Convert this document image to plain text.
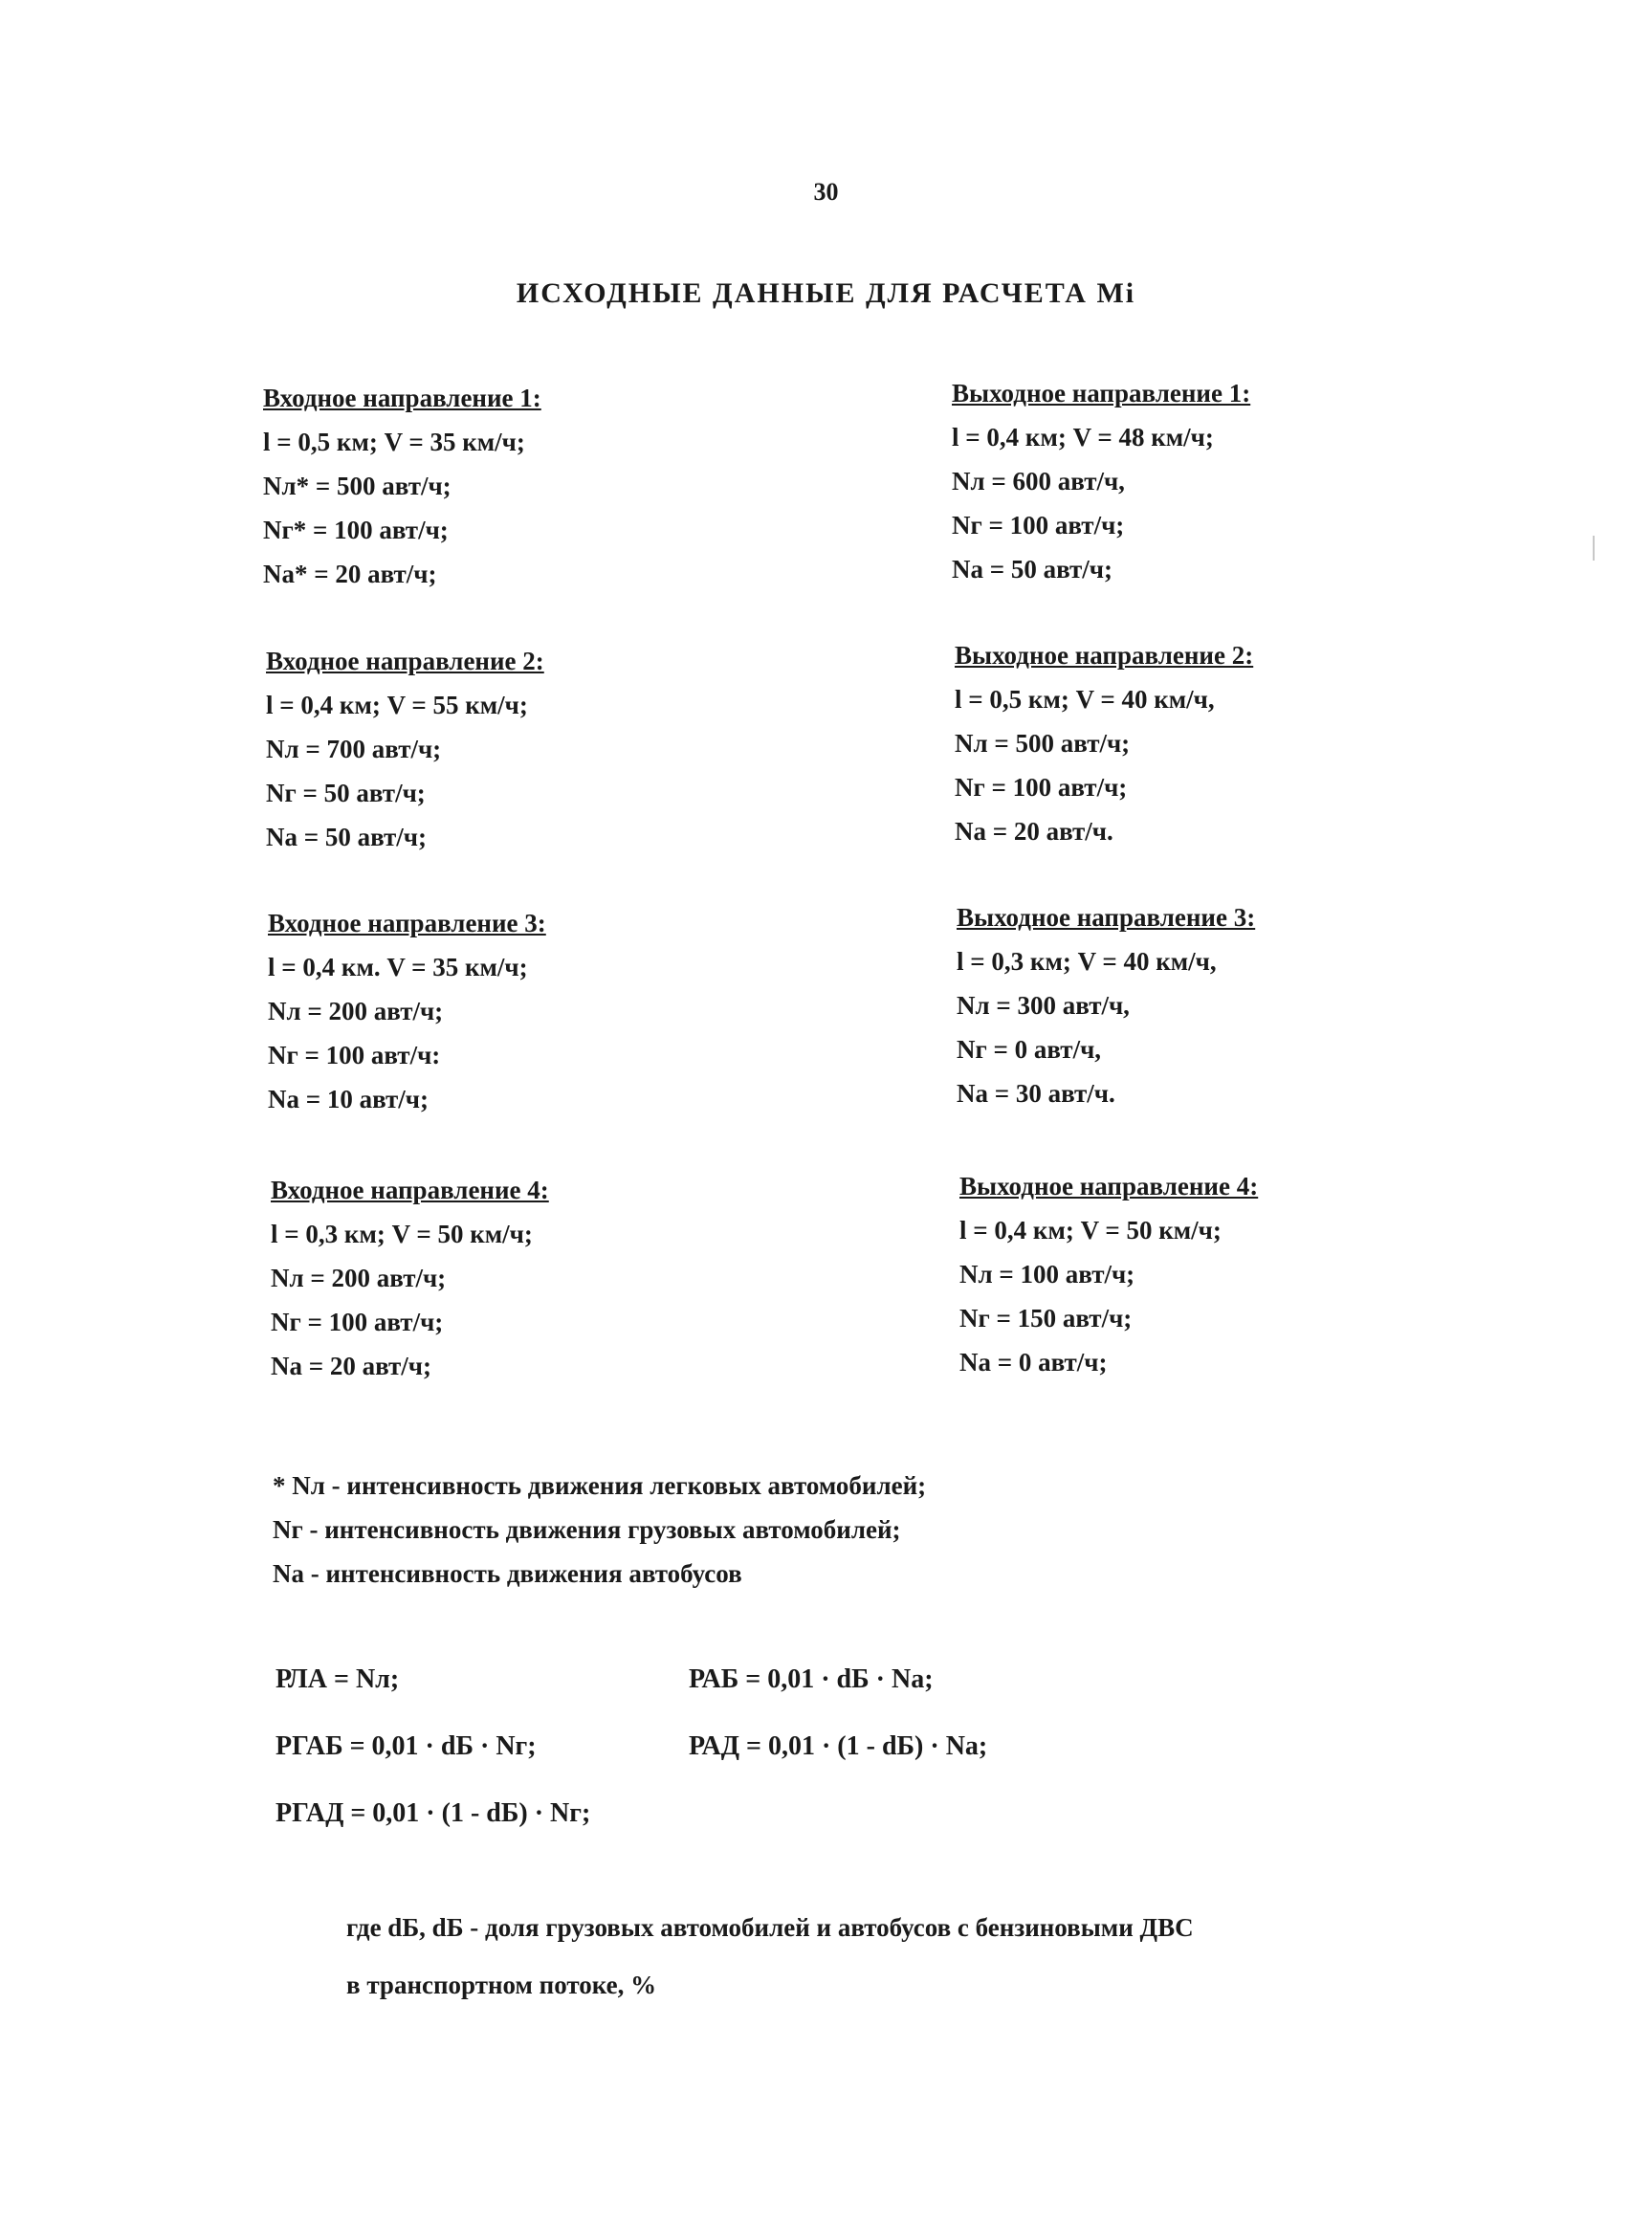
30
ИСХОДНЫЕ ДАННЫЕ ДЛЯ РАСЧЕТА Mi
Входное направление 1:
l = 0,5 км; V = 35 км/ч;
Nл* = 500 авт/ч;
Nг* = 100 авт/ч;
Nа* = 20 авт/ч;
Входное направление 2:
l = 0,4 км; V = 55 км/ч;
Nл = 700 авт/ч;
Nг = 50 авт/ч;
Nа = 50 авт/ч;
Входное направление 3:
l = 0,4 км. V = 35 км/ч;
Nл = 200 авт/ч;
Nг = 100 авт/ч:
Nа = 10 авт/ч;
Входное направление 4:
l = 0,3 км; V = 50 км/ч;
Nл = 200 авт/ч;
Nг = 100 авт/ч;
Nа = 20 авт/ч;
Выходное направление 1:
l = 0,4 км; V = 48 км/ч;
Nл = 600 авт/ч,
Nг = 100 авт/ч;
Nа = 50 авт/ч;
Выходное направление 2:
l = 0,5 км; V = 40 км/ч,
Nл = 500 авт/ч;
Nг = 100 авт/ч;
Nа = 20 авт/ч.
Выходное направление 3:
l = 0,3 км; V = 40 км/ч,
Nл = 300 авт/ч,
Nг = 0 авт/ч,
Nа = 30 авт/ч.
Выходное направление 4:
l = 0,4 км; V = 50 км/ч;
Nл = 100 авт/ч;
Nг = 150 авт/ч;
Nа = 0 авт/ч;
* Nл - интенсивность движения легковых автомобилей;
Nг - интенсивность движения грузовых автомобилей;
Nа - интенсивность движения автобусов
РЛА = Nл;	РАБ = 0,01 · dБ · Nа;
РГАБ = 0,01 · dБ · Nг;	РАД = 0,01 · (1 - dБ) · Nа;
РГАД = 0,01 · (1 - dБ) · Nг;
где dБ, dБ - доля грузовых автомобилей и автобусов с бензиновыми ДВС
в транспортном потоке, %
